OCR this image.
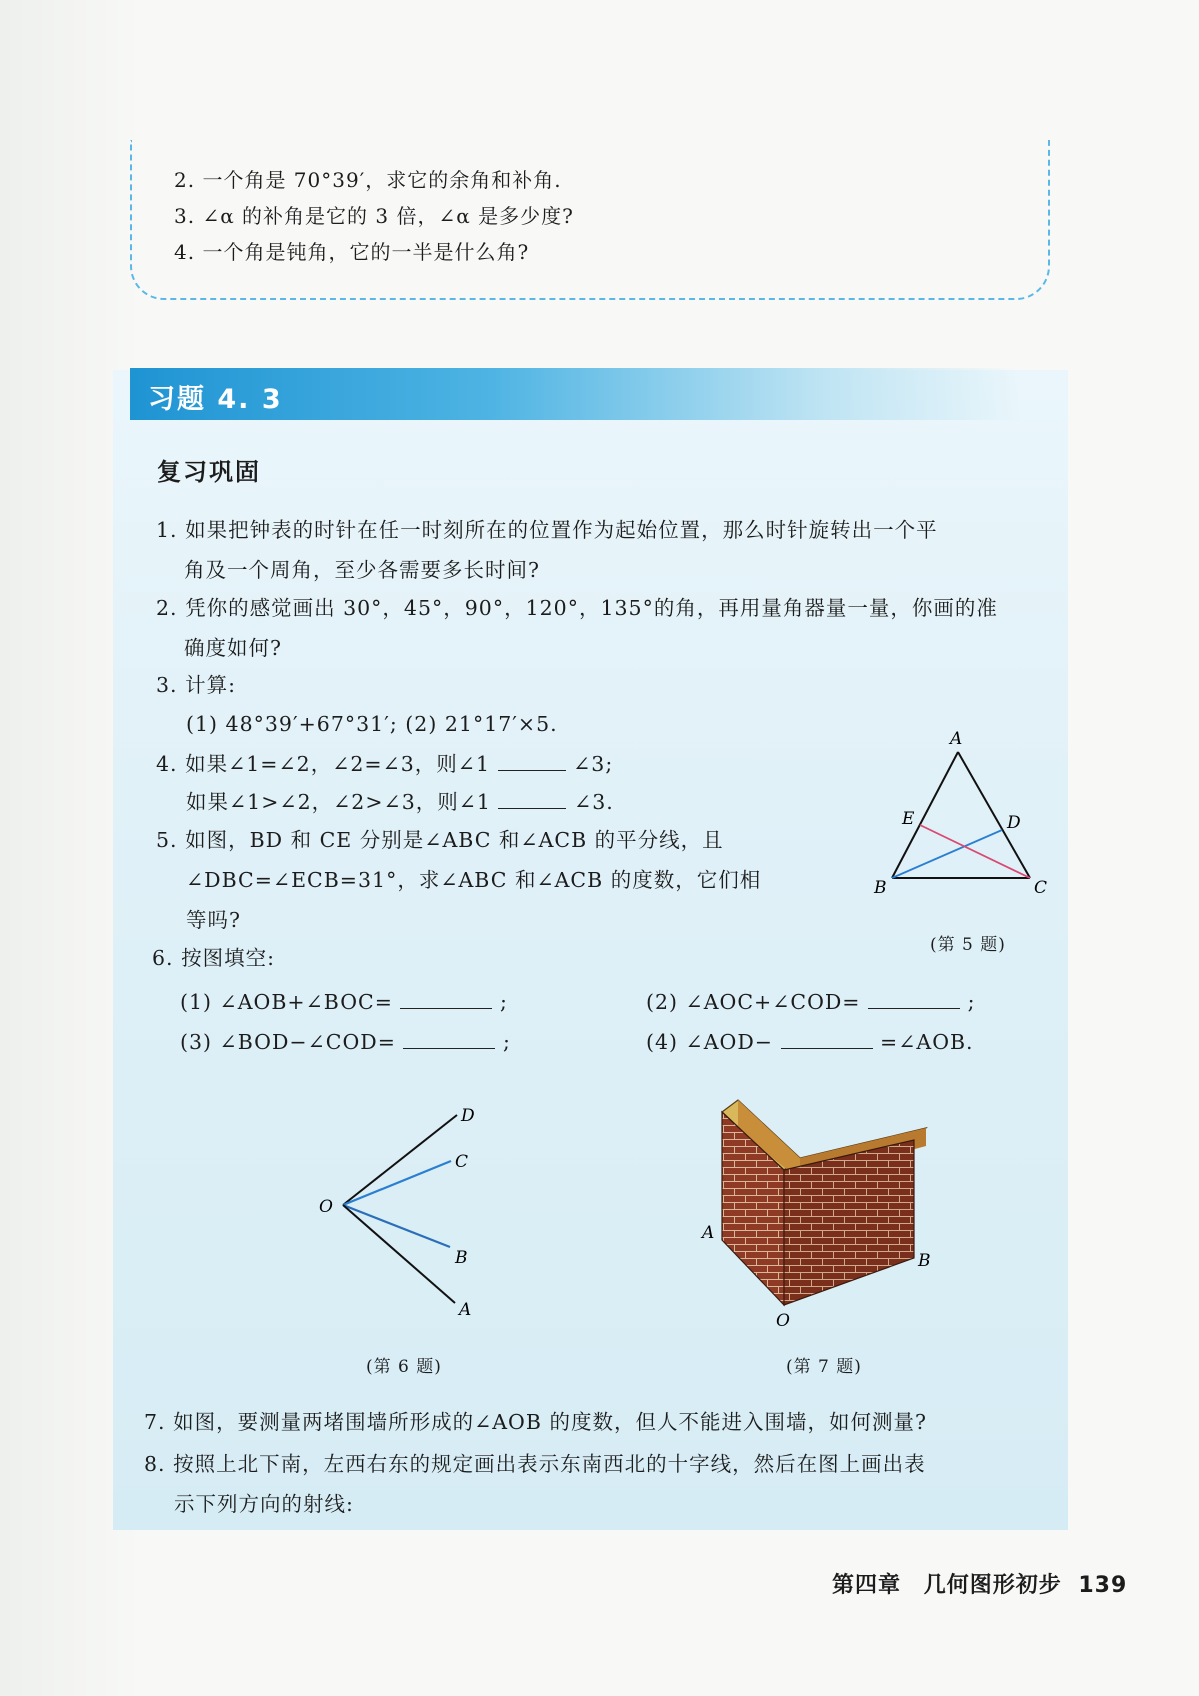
2. 一个角是 70°39′，求它的余角和补角.
3. ∠α 的补角是它的 3 倍，∠α 是多少度?
4. 一个角是钝角，它的一半是什么角?
习题 4. 3
复习巩固
1. 如果把钟表的时针在任一时刻所在的位置作为起始位置，那么时针旋转出一个平
角及一个周角，至少各需要多长时间?
2. 凭你的感觉画出 30°，45°，90°，120°，135°的角，再用量角器量一量，你画的准
确度如何?
3. 计算:
(1) 48°39′+67°31′; (2) 21°17′×5.
4. 如果∠1=∠2，∠2=∠3，则∠1	∠3;
如果∠1>∠2，∠2>∠3，则∠1	∠3.
5. 如图，BD 和 CE 分别是∠ABC 和∠ACB 的平分线，且
∠DBC=∠ECB=31°，求∠ABC 和∠ACB 的度数，它们相
等吗?
A
B	C
D
E
(第 5 题)
6. 按图填空:
(1) ∠AOB+∠BOC=	;	(2) ∠AOC+∠COD=	;
(3) ∠BOD−∠COD=	;	(4) ∠AOD−	=∠AOB.
O
D
C
B
A
(第 6 题)
A
B
O
(第 7 题)
7. 如图，要测量两堵围墙所形成的∠AOB 的度数，但人不能进入围墙，如何测量?
8. 按照上北下南，左西右东的规定画出表示东南西北的十字线，然后在图上画出表
示下列方向的射线:
第四章 几何图形初步 139
